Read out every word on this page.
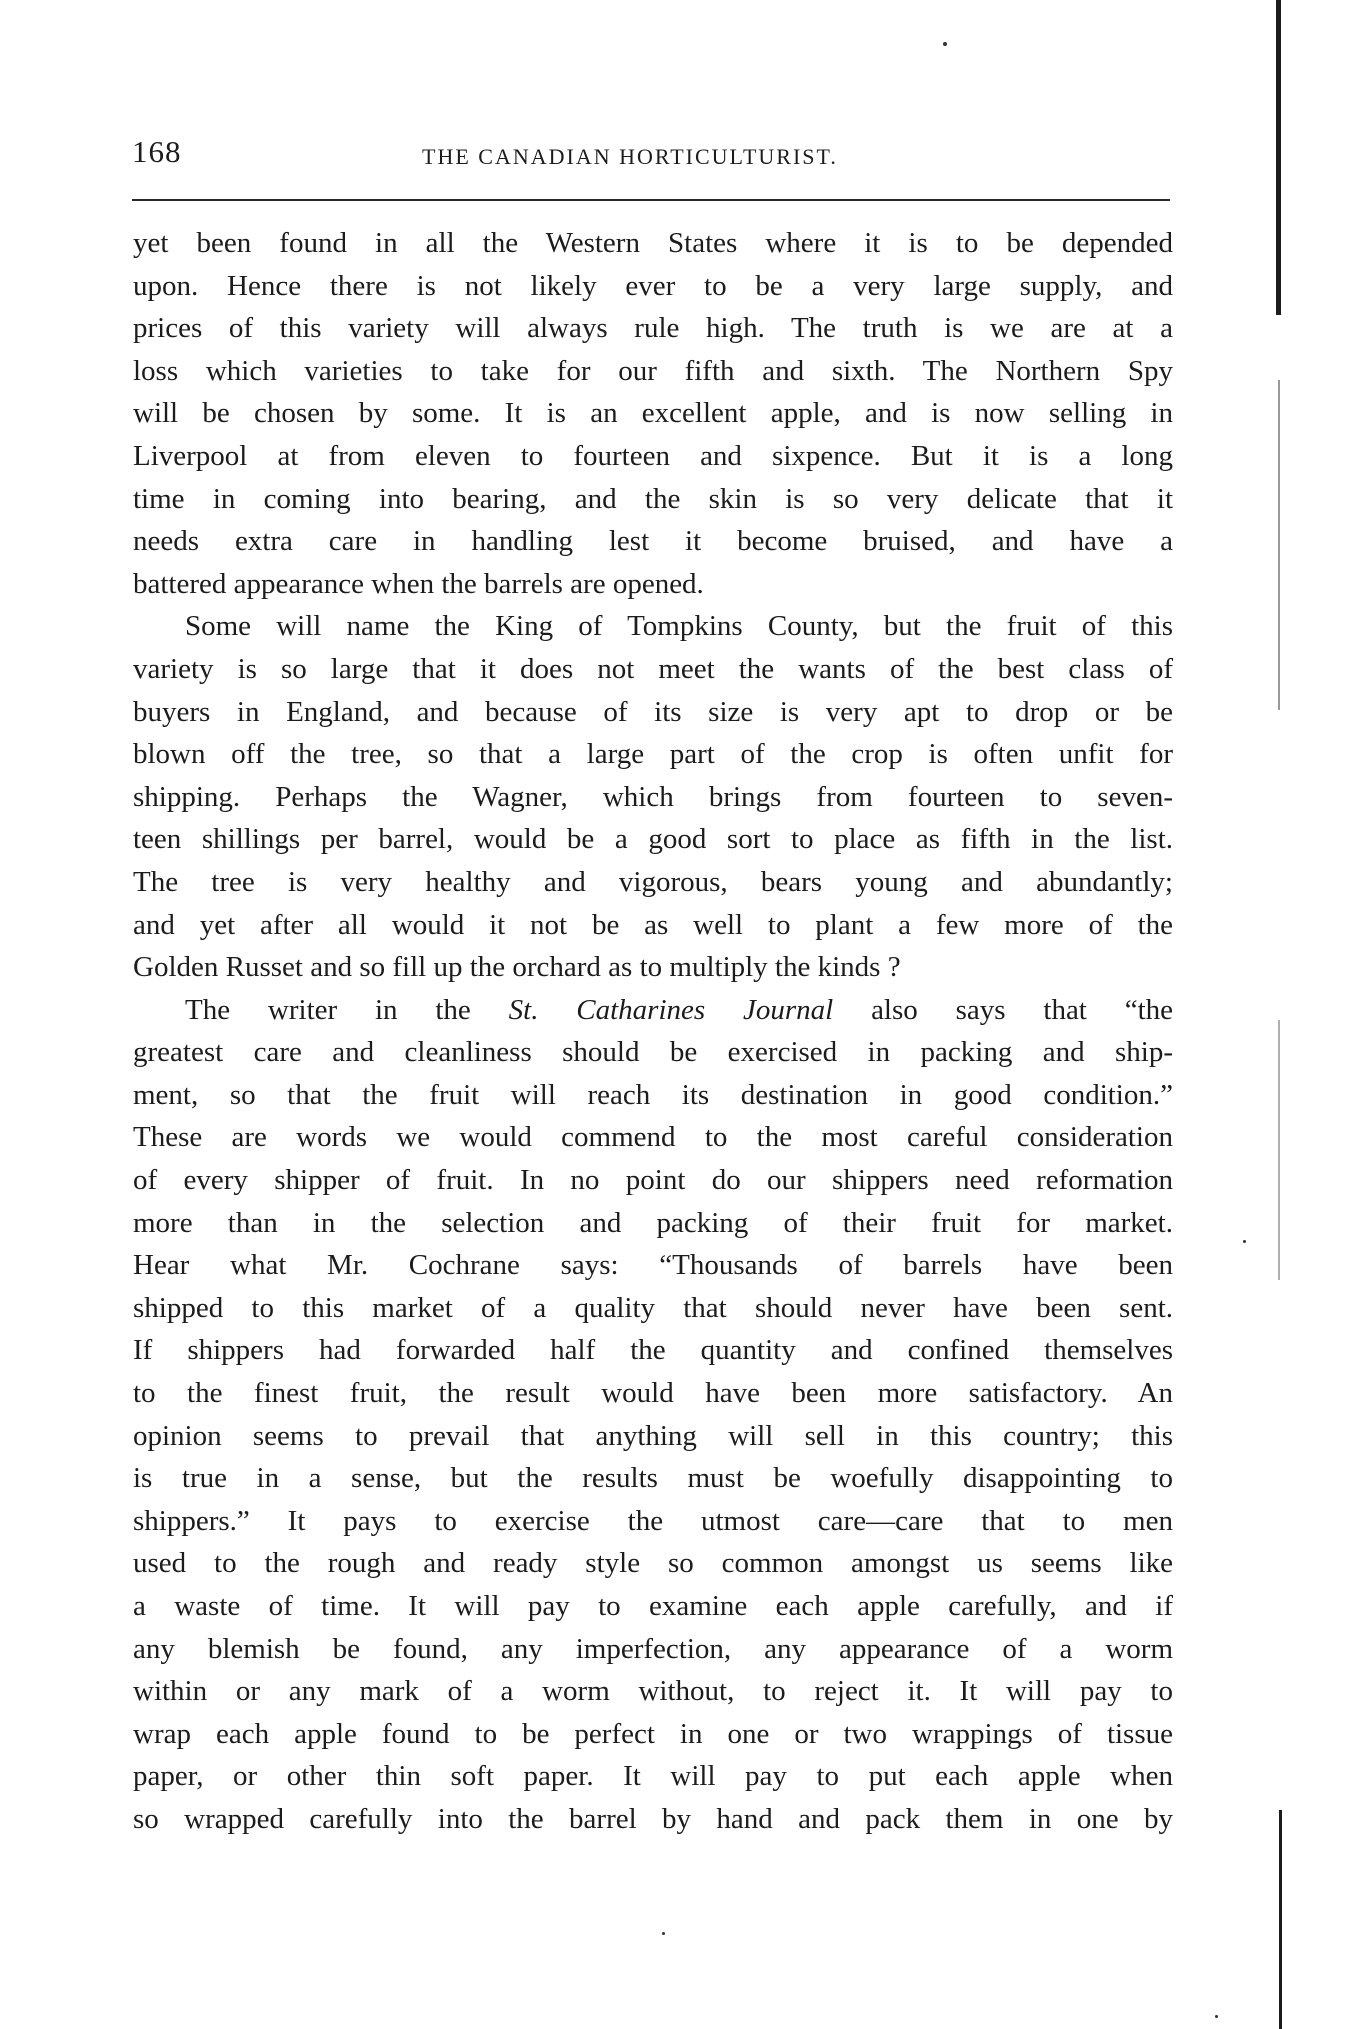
168	THE CANADIAN HORTICULTURIST.
yet been found in all the Western States where it is to be depended
upon. Hence there is not likely ever to be a very large supply, and
prices of this variety will always rule high. The truth is we are at a
loss which varieties to take for our fifth and sixth. The Northern Spy
will be chosen by some. It is an excellent apple, and is now selling in
Liverpool at from eleven to fourteen and sixpence. But it is a long
time in coming into bearing, and the skin is so very delicate that it
needs extra care in handling lest it become bruised, and have a
battered appearance when the barrels are opened.
Some will name the King of Tompkins County, but the fruit of this
variety is so large that it does not meet the wants of the best class of
buyers in England, and because of its size is very apt to drop or be
blown off the tree, so that a large part of the crop is often unfit for
shipping. Perhaps the Wagner, which brings from fourteen to seven-
teen shillings per barrel, would be a good sort to place as fifth in the list.
The tree is very healthy and vigorous, bears young and abundantly;
and yet after all would it not be as well to plant a few more of the
Golden Russet and so fill up the orchard as to multiply the kinds ?
The writer in the St. Catharines Journal also says that “the
greatest care and cleanliness should be exercised in packing and ship-
ment, so that the fruit will reach its destination in good condition.”
These are words we would commend to the most careful consideration
of every shipper of fruit. In no point do our shippers need reformation
more than in the selection and packing of their fruit for market.
Hear what Mr. Cochrane says: “Thousands of barrels have been
shipped to this market of a quality that should never have been sent.
If shippers had forwarded half the quantity and confined themselves
to the finest fruit, the result would have been more satisfactory. An
opinion seems to prevail that anything will sell in this country; this
is true in a sense, but the results must be woefully disappointing to
shippers.” It pays to exercise the utmost care—care that to men
used to the rough and ready style so common amongst us seems like
a waste of time. It will pay to examine each apple carefully, and if
any blemish be found, any imperfection, any appearance of a worm
within or any mark of a worm without, to reject it. It will pay to
wrap each apple found to be perfect in one or two wrappings of tissue
paper, or other thin soft paper. It will pay to put each apple when
so wrapped carefully into the barrel by hand and pack them in one by
